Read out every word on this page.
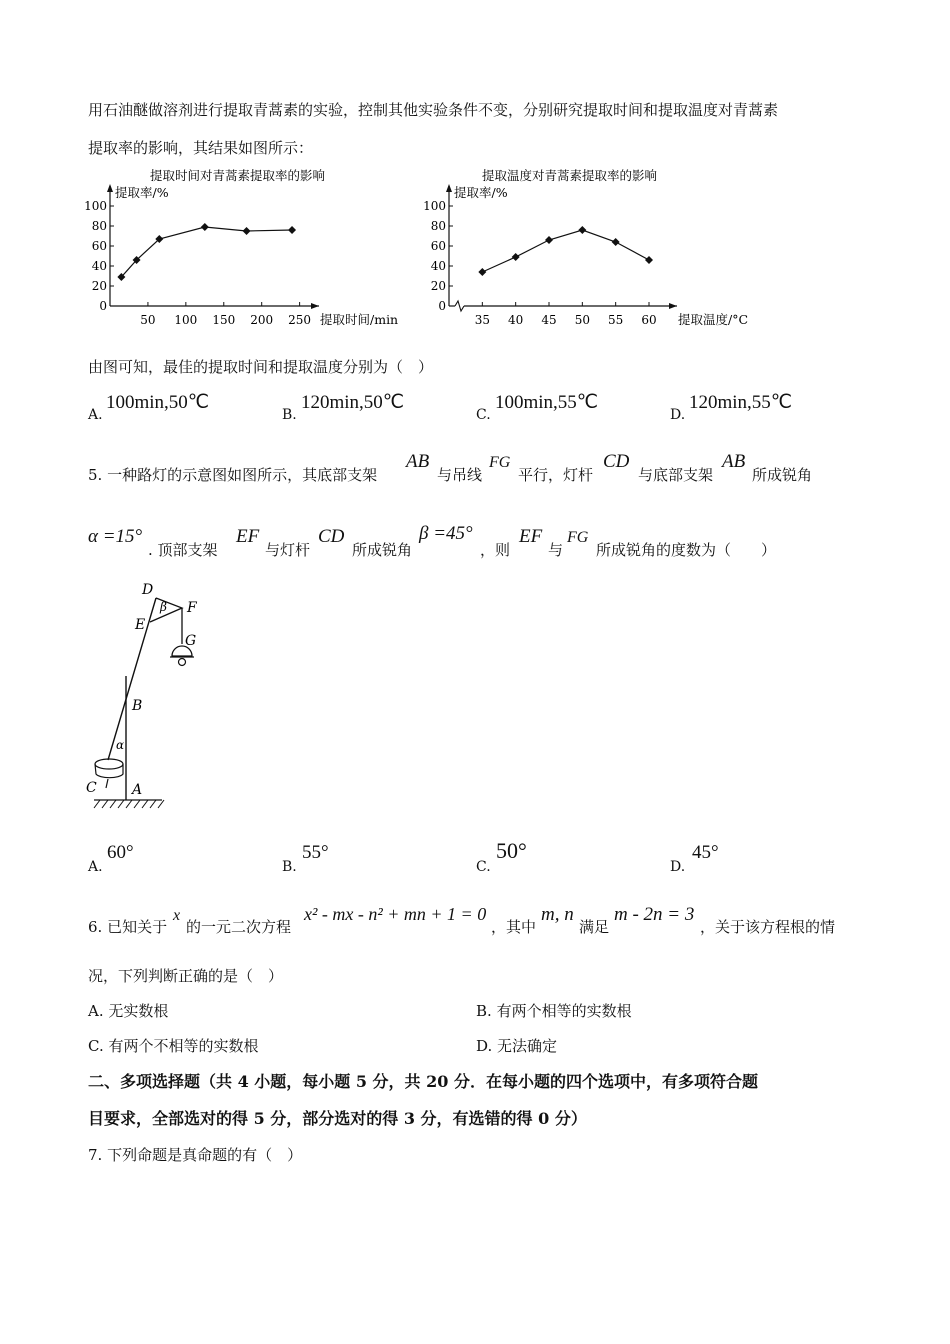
用石油醚做溶剂进行提取青蒿素的实验，控制其他实验条件不变，分别研究提取时间和提取温度对青蒿素
提取率的影响，其结果如图所示：
提取时间对青蒿素提取率的影响
提取率/%
提取时间/min
0
20
40
60
80
100
50 100 150 200 250
提取温度对青蒿素提取率的影响
提取率/%
提取温度/°C
0
20
40
60
80
100
35 40 45 50 55 60
由图可知，最佳的提取时间和提取温度分别为（　）
A.
100min,50℃
B.
120min,50℃
C.
100min,55℃
D.
120min,55℃
5. 一种路灯的示意图如图所示，其底部支架
AB
与吊线
FG
平行，灯杆
CD
与底部支架
AB
所成锐角
α =15°
. 顶部支架
EF
与灯杆
CD
所成锐角
β =45°
，则
EF
与
FG
所成锐角的度数为（　　）
D
F
E
G
β
B
α
C	A
A.
60°
B.
55°
C.
50°
D.
45°
6. 已知关于
x
的一元二次方程
x² - mx - n² + mn + 1 = 0
，其中
m, n
满足
m - 2n = 3
，关于该方程根的情
况，下列判断正确的是（　）
A. 无实数根	B. 有两个相等的实数根
C. 有两个不相等的实数根	D. 无法确定
二、多项选择题（共 4 小题，每小题 5 分，共 20 分．在每小题的四个选项中，有多项符合题
目要求，全部选对的得 5 分，部分选对的得 3 分，有选错的得 0 分）
7. 下列命题是真命题的有（　）
